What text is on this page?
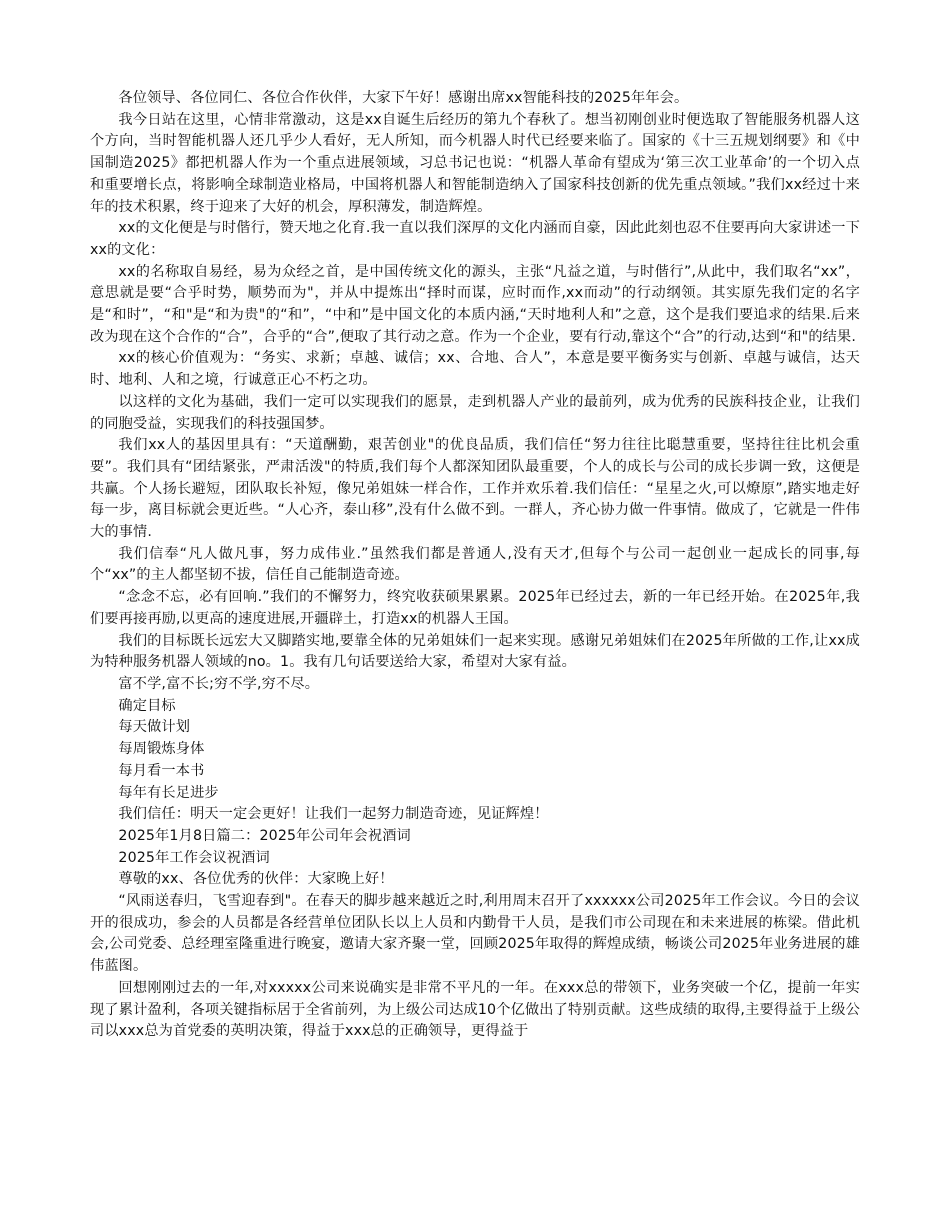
各位领导、各位同仁、各位合作伙伴，大家下午好！感谢出席xx智能科技的2025年年会。

我今日站在这里，心情非常激动，这是xx自诞生后经历的第九个春秋了。想当初刚创业时便选取了智能服务机器人这个方向，当时智能机器人还几乎少人看好，无人所知，而今机器人时代已经要来临了。国家的《十三五规划纲要》和《中国制造2025》都把机器人作为一个重点进展领域，习总书记也说：“机器人革命有望成为‘第三次工业革命’的一个切入点和重要增长点，将影响全球制造业格局，中国将机器人和智能制造纳入了国家科技创新的优先重点领域。”我们xx经过十来年的技术积累，终于迎来了大好的机会，厚积薄发，制造辉煌。

xx的文化便是与时偕行，赞天地之化育.我一直以我们深厚的文化内涵而自豪，因此此刻也忍不住要再向大家讲述一下xx的文化：

xx的名称取自易经，易为众经之首，是中国传统文化的源头，主张“凡益之道，与时偕行”,从此中，我们取名“xx”，意思就是要“合乎时势，顺势而为"，并从中提炼出“择时而谋，应时而作,xx而动”的行动纲领。其实原先我们定的名字是“和时”，“和"是“和为贵"的“和”，“中和”是中国文化的本质内涵,“天时地利人和”之意，这个是我们要追求的结果.后来改为现在这个合作的“合”，合乎的“合”,便取了其行动之意。作为一个企业，要有行动,靠这个“合”的行动,达到“和"的结果.

xx的核心价值观为：“务实、求新；卓越、诚信；xx、合地、合人”，本意是要平衡务实与创新、卓越与诚信，达天时、地利、人和之境，行诚意正心不朽之功。

以这样的文化为基础，我们一定可以实现我们的愿景，走到机器人产业的最前列，成为优秀的民族科技企业，让我们的同胞受益，实现我们的科技强国梦。

我们xx人的基因里具有：“天道酬勤，艰苦创业"的优良品质，我们信任“努力往往比聪慧重要，坚持往往比机会重要”。我们具有“团结紧张，严肃活泼"的特质,我们每个人都深知团队最重要，个人的成长与公司的成长步调一致，这便是共赢。个人扬长避短，团队取长补短，像兄弟姐妹一样合作，工作并欢乐着.我们信任：“星星之火,可以燎原”,踏实地走好每一步，离目标就会更近些。“人心齐，泰山移”,没有什么做不到。一群人，齐心协力做一件事情。做成了，它就是一件伟大的事情.

我们信奉“凡人做凡事，努力成伟业.”虽然我们都是普通人,没有天才,但每个与公司一起创业一起成长的同事,每个“xx”的主人都坚韧不拔，信任自己能制造奇迹。

“念念不忘，必有回响.”我们的不懈努力，终究收获硕果累累。2025年已经过去，新的一年已经开始。在2025年,我们要再接再励,以更高的速度进展,开疆辟土，打造xx的机器人王国。

我们的目标既长远宏大又脚踏实地,要靠全体的兄弟姐妹们一起来实现。感谢兄弟姐妹们在2025年所做的工作,让xx成为特种服务机器人领域的no。1。我有几句话要送给大家，希望对大家有益。

富不学,富不长;穷不学,穷不尽。

确定目标

每天做计划

每周锻炼身体

每月看一本书

每年有长足进步

我们信任：明天一定会更好！让我们一起努力制造奇迹，见证辉煌！

2025年1月8日篇二：2025年公司年会祝酒词

2025年工作会议祝酒词

尊敬的xx、各位优秀的伙伴：大家晚上好！

“风雨送春归，飞雪迎春到"。在春天的脚步越来越近之时,利用周末召开了xxxxxx公司2025年工作会议。今日的会议开的很成功，参会的人员都是各经营单位团队长以上人员和内勤骨干人员，是我们市公司现在和未来进展的栋梁。借此机会,公司党委、总经理室隆重进行晚宴，邀请大家齐聚一堂，回顾2025年取得的辉煌成绩，畅谈公司2025年业务进展的雄伟蓝图。

回想刚刚过去的一年,对xxxxx公司来说确实是非常不平凡的一年。在xxx总的带领下，业务突破一个亿，提前一年实现了累计盈利，各项关键指标居于全省前列，为上级公司达成10个亿做出了特别贡献。这些成绩的取得,主要得益于上级公司以xxx总为首党委的英明决策，得益于xxx总的正确领导，更得益于
